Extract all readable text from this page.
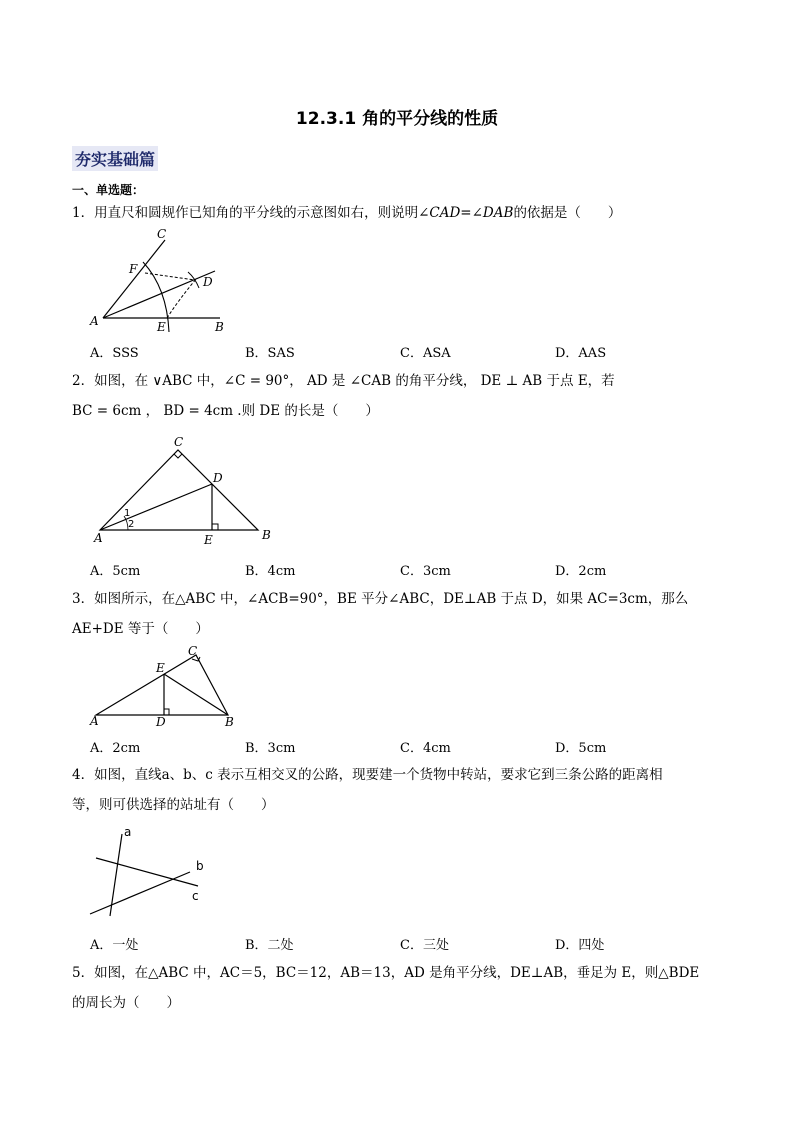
12.3.1 角的平分线的性质
夯实基础篇
一、单选题：
1．用直尺和圆规作已知角的平分线的示意图如右，则说明∠CAD=∠DAB的依据是（　　）
C
F
D
A	E	B
A．SSS	B．SAS	C．ASA	D．AAS
2．如图，在 ∨ABC 中，∠C = 90°， AD 是 ∠CAB 的角平分线， DE ⊥ AB 于点 E，若
BC = 6cm ， BD = 4cm .则 DE 的长是（　　）
C
D
A	E	B
1
2
A．5cm	B．4cm	C．3cm	D．2cm
3．如图所示，在△ABC 中，∠ACB=90°，BE 平分∠ABC，DE⊥AB 于点 D，如果 AC=3cm，那么
AE+DE 等于（　　）
C
E
A	D	B
A．2cm	B．3cm	C．4cm	D．5cm
4．如图，直线a、b、c 表示互相交叉的公路，现要建一个货物中转站，要求它到三条公路的距离相
等，则可供选择的站址有（　　）
a
b
c
A．一处	B．二处	C．三处	D．四处
5．如图，在△ABC 中，AC＝5，BC＝12，AB＝13，AD 是角平分线，DE⊥AB，垂足为 E，则△BDE
的周长为（　　）
